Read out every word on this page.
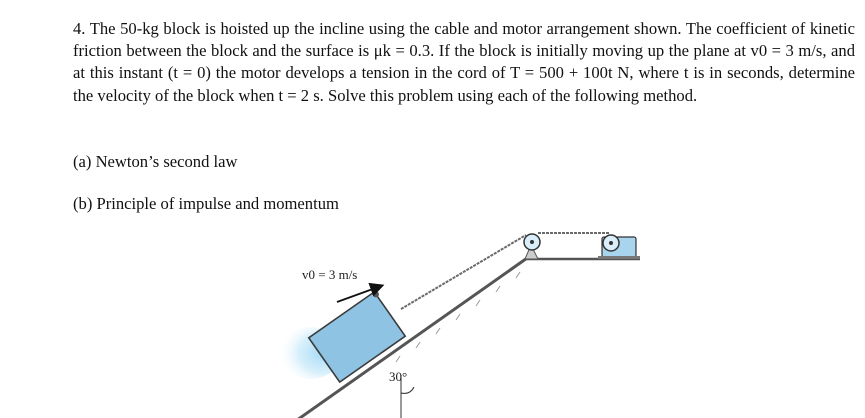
4. The 50-kg block is hoisted up the incline using the cable and motor arrangement shown. The coefficient of kinetic friction between the block and the surface is μk = 0.3. If the block is initially moving up the plane at v0 = 3 m/s, and at this instant (t = 0) the motor develops a tension in the cord of T = 500 + 100t N, where t is in seconds, determine the velocity of the block when t = 2 s. Solve this problem using each of the following method.

(a) Newton’s second law
(b) Principle of impulse and momentum
v0 = 3 m/s
30°
